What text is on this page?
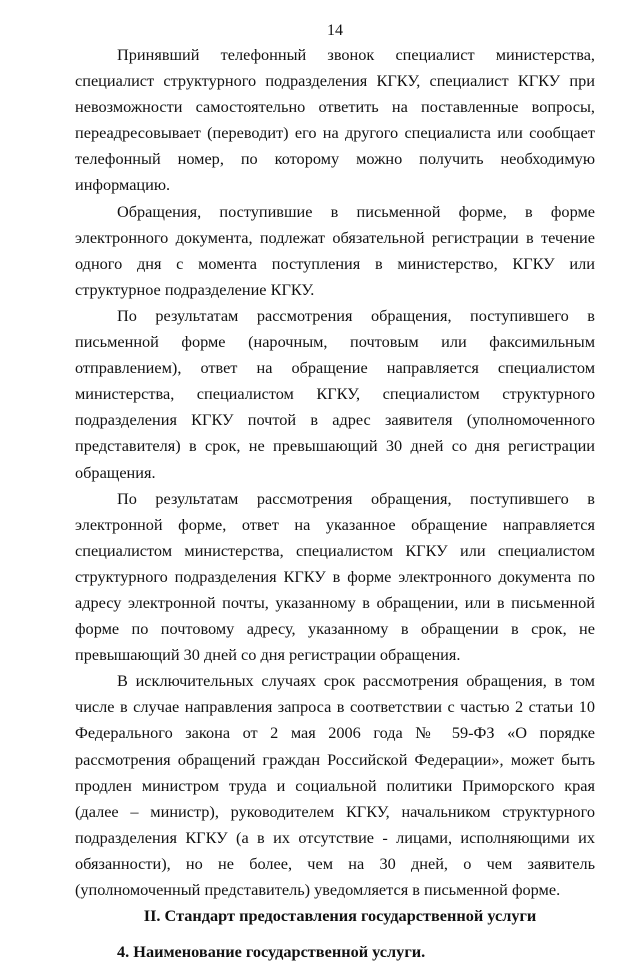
14

Принявший телефонный звонок специалист министерства, специалист структурного подразделения КГКУ, специалист КГКУ при невозможности самостоятельно ответить на поставленные вопросы, переадресовывает (переводит) его на другого специалиста или сообщает телефонный номер, по которому можно получить необходимую информацию.

Обращения, поступившие в письменной форме, в форме электронного документа, подлежат обязательной регистрации в течение одного дня с момента поступления в министерство, КГКУ или структурное подразделение КГКУ.

По результатам рассмотрения обращения, поступившего в письменной форме (нарочным, почтовым или факсимильным отправлением), ответ на обращение направляется специалистом министерства, специалистом КГКУ, специалистом структурного подразделения КГКУ почтой в адрес заявителя (уполномоченного представителя) в срок, не превышающий 30 дней со дня регистрации обращения.

По результатам рассмотрения обращения, поступившего в электронной форме, ответ на указанное обращение направляется специалистом министерства, специалистом КГКУ или специалистом структурного подразделения КГКУ в форме электронного документа по адресу электронной почты, указанному в обращении, или в письменной форме по почтовому адресу, указанному в обращении в срок, не превышающий 30 дней со дня регистрации обращения.

В исключительных случаях срок рассмотрения обращения, в том числе в случае направления запроса в соответствии с частью 2 статьи 10 Федерального закона от 2 мая 2006 года № 59-ФЗ «О порядке рассмотрения обращений граждан Российской Федерации», может быть продлен министром труда и социальной политики Приморского края (далее – министр), руководителем КГКУ, начальником структурного подразделения КГКУ (а в их отсутствие - лицами, исполняющими их обязанности), но не более, чем на 30 дней, о чем заявитель (уполномоченный представитель) уведомляется в письменной форме.

II. Стандарт предоставления государственной услуги

4. Наименование государственной услуги.
